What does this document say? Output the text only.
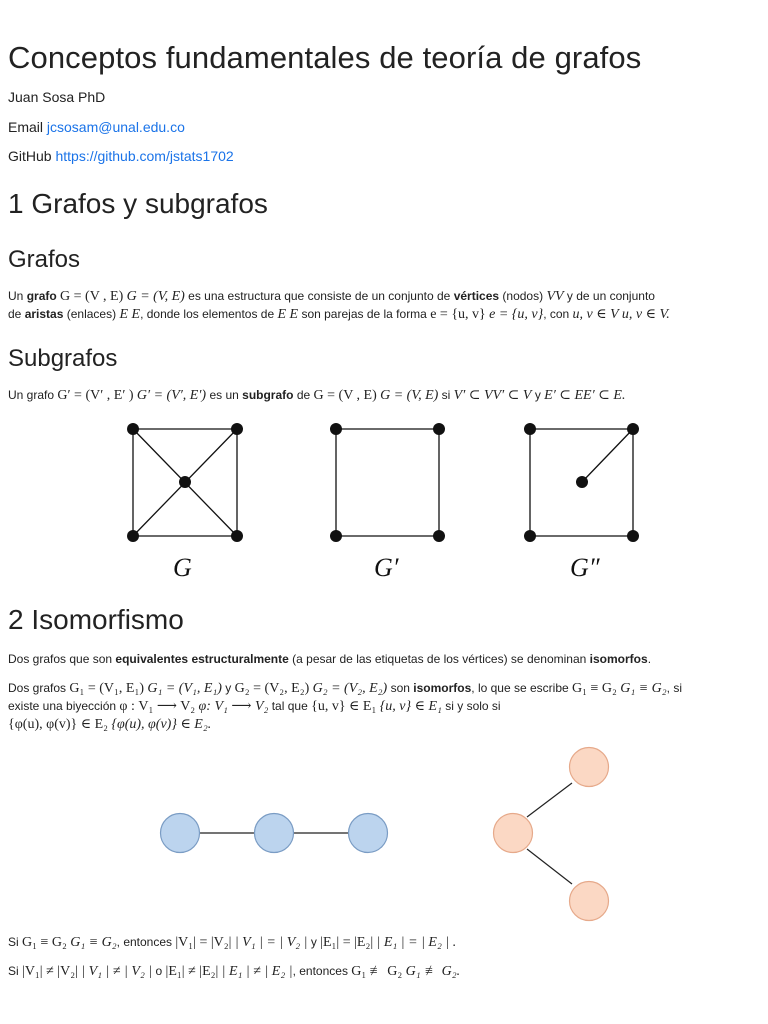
Conceptos fundamentales de teoría de grafos
Juan Sosa PhD
Email jcsosam@unal.edu.co
GitHub https://github.com/jstats1702
1 Grafos y subgrafos
Grafos
Un grafo G = (V , E) G = (V, E) es una estructura que consiste de un conjunto de vértices (nodos) VV y de un conjunto
de aristas (enlaces) E E, donde los elementos de E E son parejas de la forma e = {u, v} e = {u, v}, con u, v ∈ V u, v ∈ V.
Subgrafos
Un grafo G′ = (V′ , E′ ) G′ = (V′, E′) es un subgrafo de G = (V , E) G = (V, E) si V′ ⊂ VV′ ⊂ V y E′ ⊂ EE′ ⊂ E.
G	G′	G″
2 Isomorfismo
Dos grafos que son equivalentes estructuralmente (a pesar de las etiquetas de los vértices) se denominan isomorfos.
Dos grafos G₁ = (V₁, E₁) G₁ = (V₁, E₁) y G₂ = (V₂, E₂) G₂ = (V₂, E₂) son isomorfos, lo que se escribe G₁ ≡ G₂ G₁ ≡ G₂, si
existe una biyección φ : V₁ ⟶ V₂ φ: V₁ ⟶ V₂ tal que {u, v} ∈ E₁ {u, v} ∈ E₁ si y solo si
{φ(u), φ(v)} ∈ E₂ {φ(u), φ(v)} ∈ E₂.
Si G₁ ≡ G₂ G₁ ≡ G₂, entonces |V₁| = |V₂| | V₁ | = | V₂ | y |E₁| = |E₂| | E₁ | = | E₂ | .
Si |V₁| ≠ |V₂| | V₁ | ≠ | V₂ | o |E₁| ≠ |E₂| | E₁ | ≠ | E₂ |, entonces G₁ ≢ G₂ G₁ ≢ G₂.
